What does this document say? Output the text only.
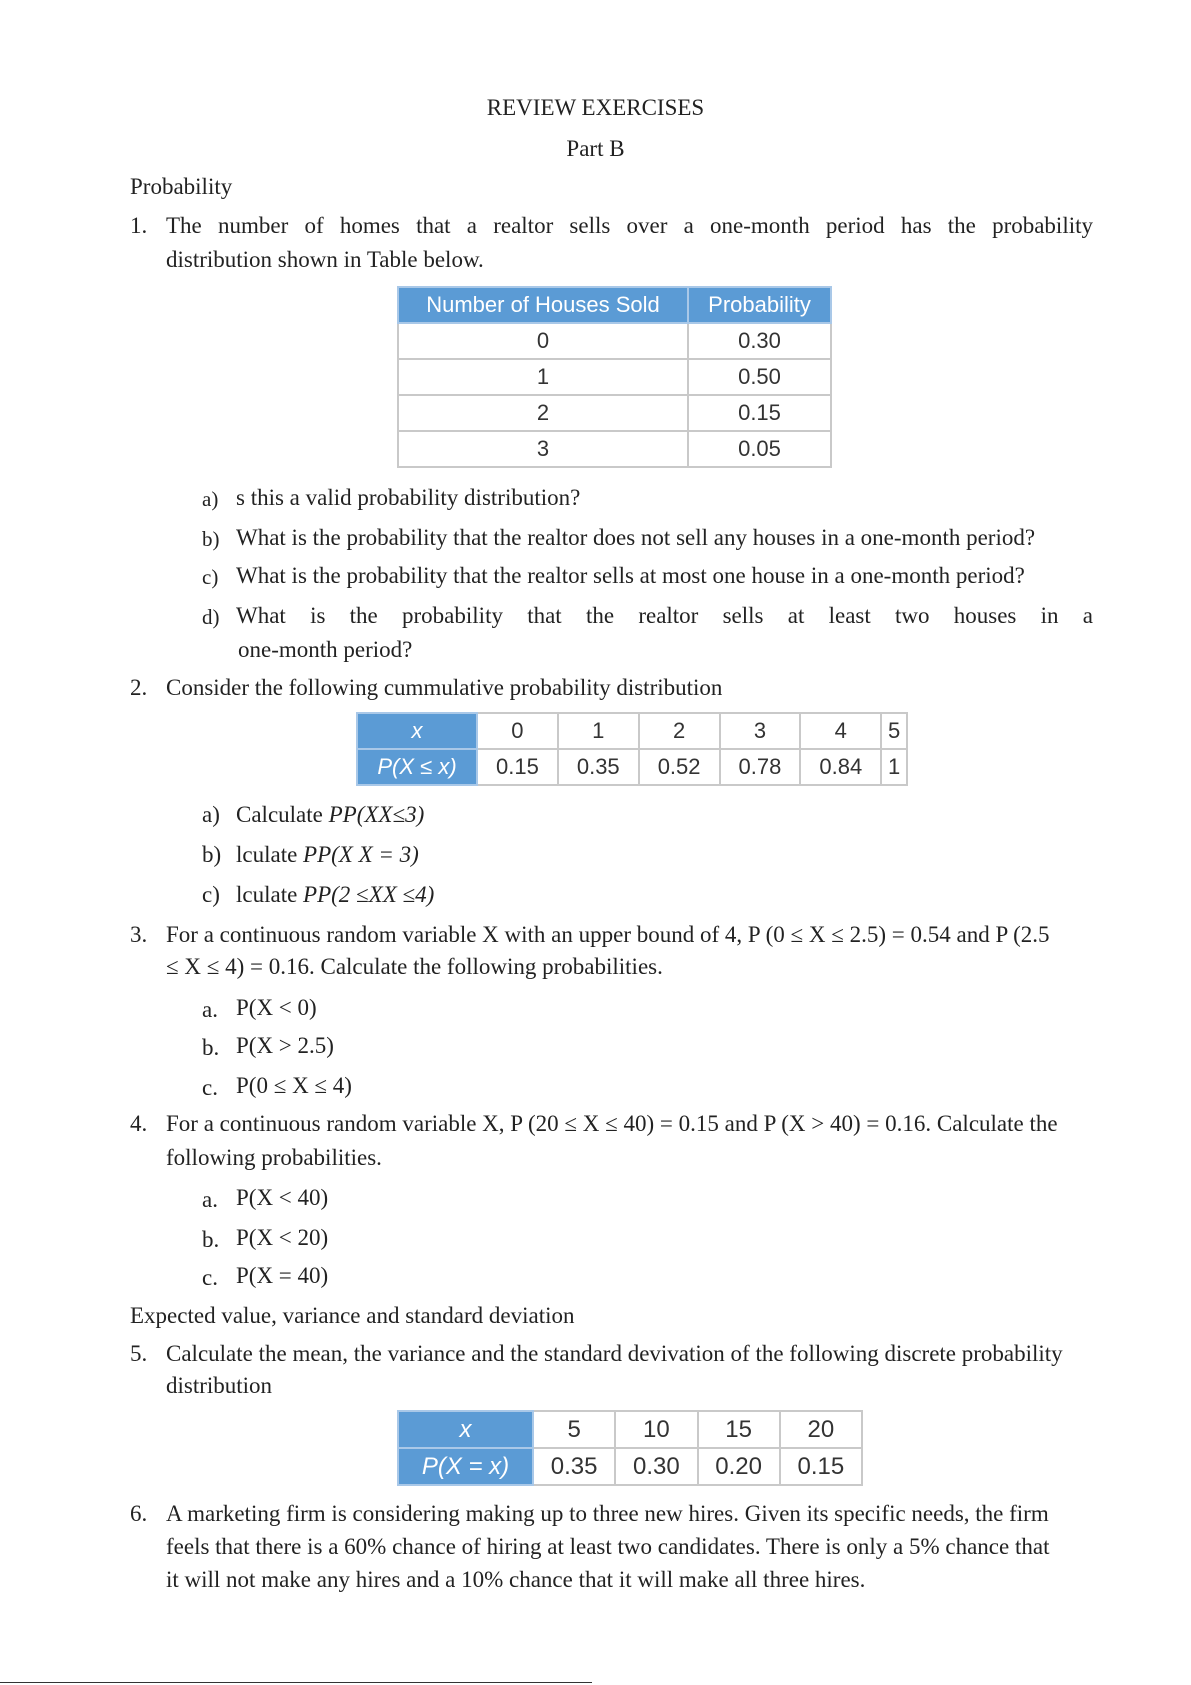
REVIEW EXERCISES
Part B
Probability
1. The number of homes that a realtor sells over a one-month period has the probability
distribution shown in Table below.
Number of Houses Sold	Probability
0	0.30
1	0.50
2	0.15
3	0.05
a) s this a valid probability distribution?
b) What is the probability that the realtor does not sell any houses in a one-month period?
c) What is the probability that the realtor sells at most one house in a one-month period?
d) What is the probability that the realtor sells at least two houses in a
one-month period?
2. Consider the following cummulative probability distribution
x	0	1	2	3	4	5
P(X ≤ x)	0.15	0.35	0.52	0.78	0.84	1
a) Calculate PP(XX≤3)
b) lculate PP(X X = 3)
c) lculate PP(2 ≤XX ≤4)
3. For a continuous random variable X with an upper bound of 4, P (0 ≤ X ≤ 2.5) = 0.54 and P (2.5
≤ X ≤ 4) = 0.16. Calculate the following probabilities.
a. P(X < 0)
b. P(X > 2.5)
c. P(0 ≤ X ≤ 4)
4. For a continuous random variable X, P (20 ≤ X ≤ 40) = 0.15 and P (X > 40) = 0.16. Calculate the
following probabilities.
a. P(X < 40)
b. P(X < 20)
c. P(X = 40)
Expected value, variance and standard deviation
5. Calculate the mean, the variance and the standard devivation of the following discrete probability
distribution
x	5	10	15	20
P(X = x)	0.35	0.30	0.20	0.15
6. A marketing firm is considering making up to three new hires. Given its specific needs, the firm
feels that there is a 60% chance of hiring at least two candidates. There is only a 5% chance that
it will not make any hires and a 10% chance that it will make all three hires.
